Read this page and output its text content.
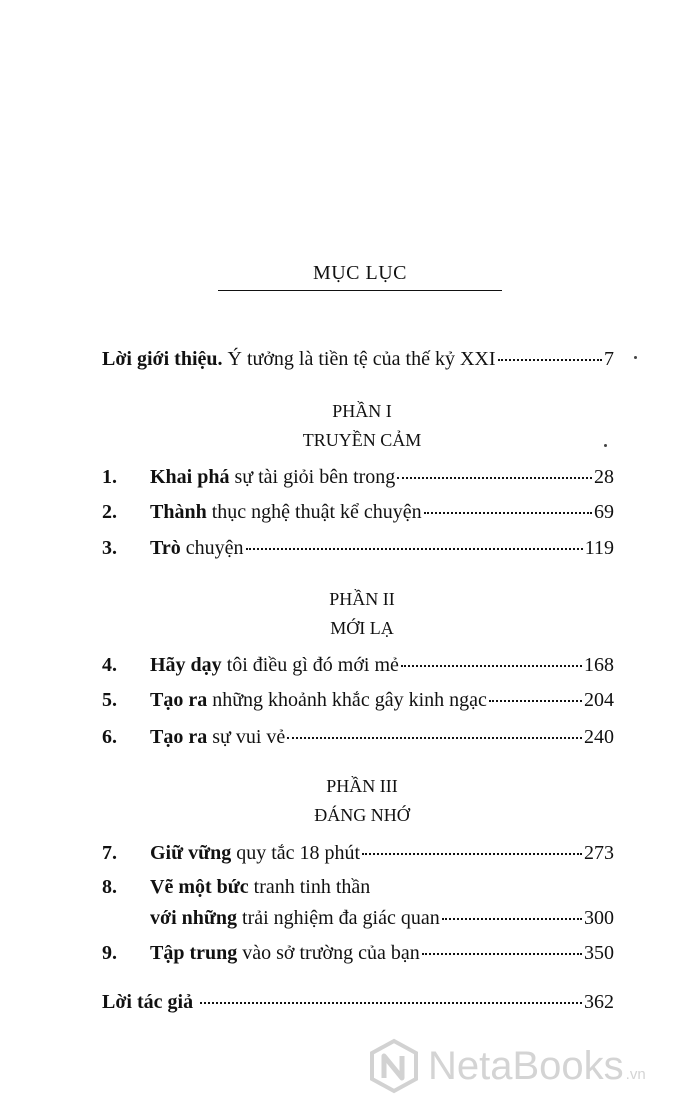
MỤC LỤC
Lời giới thiệu. Ý tưởng là tiền tệ của thế kỷ XXI	7
PHẦN I
TRUYỀN CẢM
1.	Khai phá sự tài giỏi bên trong	28
2.	Thành thục nghệ thuật kể chuyện	69
3.	Trò chuyện	119
PHẦN II
MỚI LẠ
4.	Hãy dạy tôi điều gì đó mới mẻ	168
5.	Tạo ra những khoảnh khắc gây kinh ngạc	204
6.	Tạo ra sự vui vẻ	240
PHẦN III
ĐÁNG NHỚ
7.	Giữ vững quy tắc 18 phút	273
8.	Vẽ một bức tranh tinh thần
với những trải nghiệm đa giác quan	300
9.	Tập trung vào sở trường của bạn	350
Lời tác giả	362
NetaBooks .vn
